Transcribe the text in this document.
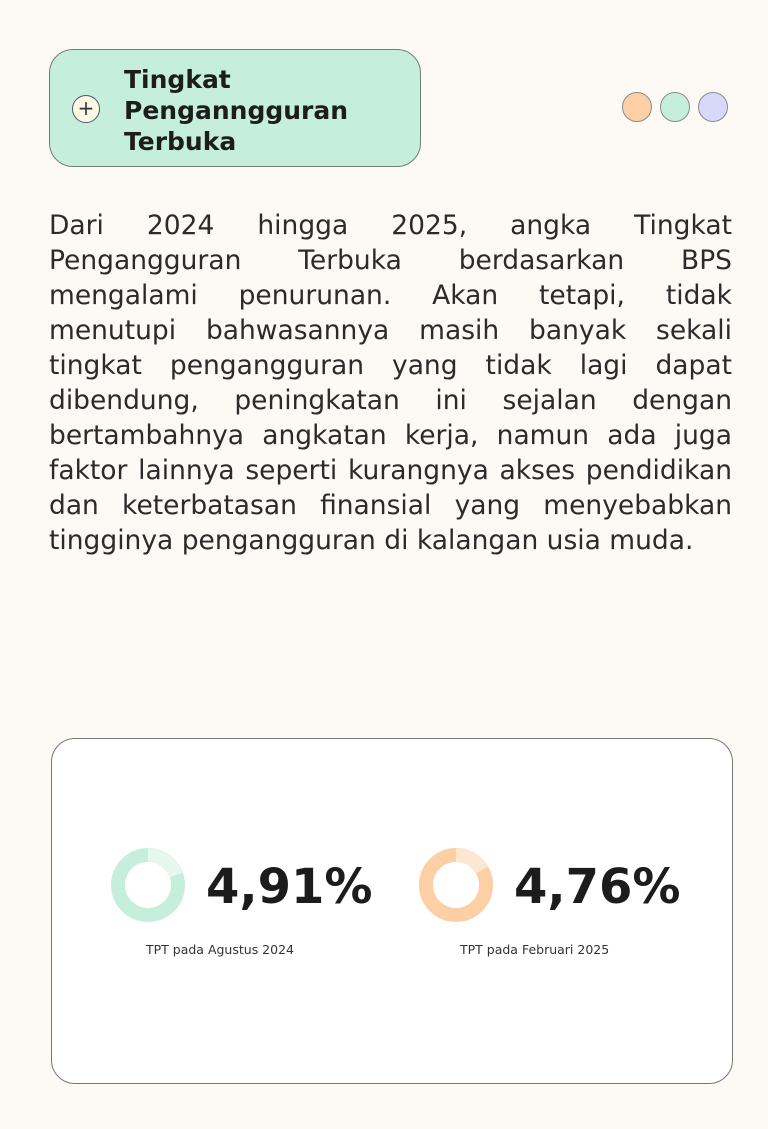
+
Tingkat
Penganngguran
Terbuka
Dari 2024 hingga 2025, angka Tingkat Pengangguran Terbuka berdasarkan BPS mengalami penurunan. Akan tetapi, tidak menutupi bahwasannya masih banyak sekali tingkat pengangguran yang tidak lagi dapat dibendung, peningkatan ini sejalan dengan bertambahnya angkatan kerja, namun ada juga faktor lainnya seperti kurangnya akses pendidikan dan keterbatasan finansial yang menyebabkan tingginya pengangguran di kalangan usia muda.
4,91%
TPT pada Agustus 2024
4,76%
TPT pada Februari 2025
